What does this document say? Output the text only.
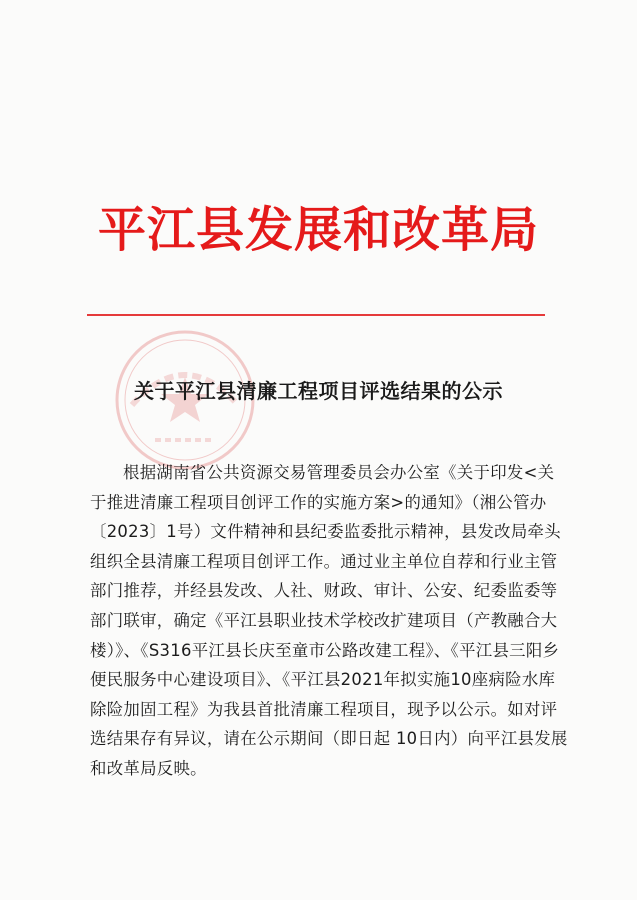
平江县发展和改革局
关于平江县清廉工程项目评选结果的公示
根据湖南省公共资源交易管理委员会办公室《关于印发<关
于推进清廉工程项目创评工作的实施方案>的通知》（湘公管办
〔2023〕1号）文件精神和县纪委监委批示精神，县发改局牵头
组织全县清廉工程项目创评工作。通过业主单位自荐和行业主管
部门推荐，并经县发改、人社、财政、审计、公安、纪委监委等
部门联审，确定《平江县职业技术学校改扩建项目（产教融合大
楼）》、《S316平江县长庆至童市公路改建工程》、《平江县三阳乡
便民服务中心建设项目》、《平江县2021年拟实施10座病险水库
除险加固工程》为我县首批清廉工程项目，现予以公示。如对评
选结果存有异议，请在公示期间（即日起 10日内）向平江县发展
和改革局反映。
